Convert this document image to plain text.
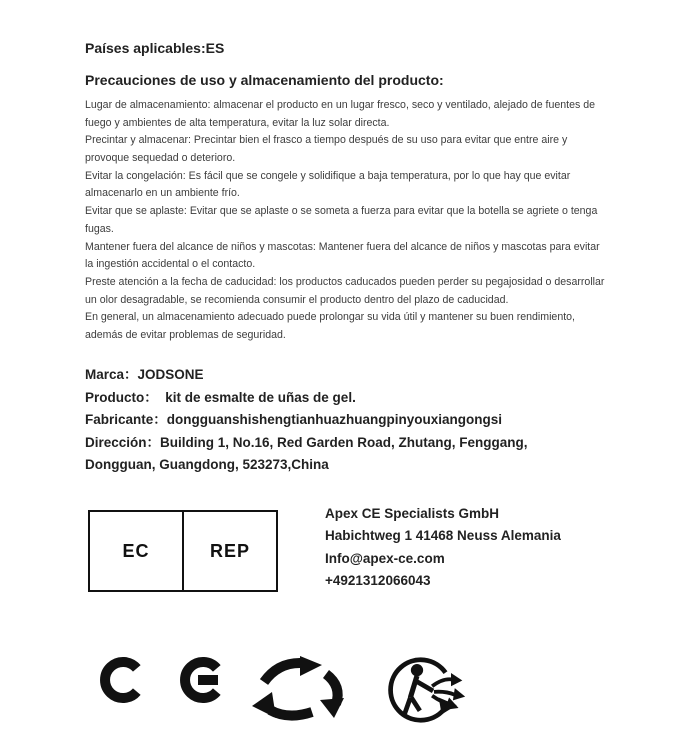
Países aplicables:ES
Precauciones de uso y almacenamiento del producto:
Lugar de almacenamiento: almacenar el producto en un lugar fresco, seco y ventilado, alejado de fuentes de
fuego y ambientes de alta temperatura, evitar la luz solar directa.
Precintar y almacenar: Precintar bien el frasco a tiempo después de su uso para evitar que entre aire y
provoque sequedad o deterioro.
Evitar la congelación: Es fácil que se congele y solidifique a baja temperatura, por lo que hay que evitar
almacenarlo en un ambiente frío.
Evitar que se aplaste: Evitar que se aplaste o se someta a fuerza para evitar que la botella se agriete o tenga
fugas.
Mantener fuera del alcance de niños y mascotas: Mantener fuera del alcance de niños y mascotas para evitar
la ingestión accidental o el contacto.
Preste atención a la fecha de caducidad: los productos caducados pueden perder su pegajosidad o desarrollar
un olor desagradable, se recomienda consumir el producto dentro del plazo de caducidad.
En general, un almacenamiento adecuado puede prolongar su vida útil y mantener su buen rendimiento,
además de evitar problemas de seguridad.
Marca：JODSONE
Producto：  kit de esmalte de uñas de gel.
Fabricante：dongguanshishengtianhuazhuangpinyouxiangongsi
Dirección：Building 1, No.16, Red Garden Road, Zhutang, Fenggang,
Dongguan, Guangdong, 523273,China
EC	REP
Apex CE Specialists GmbH
Habichtweg 1 41468 Neuss Alemania
Info@apex-ce.com
+4921312066043
